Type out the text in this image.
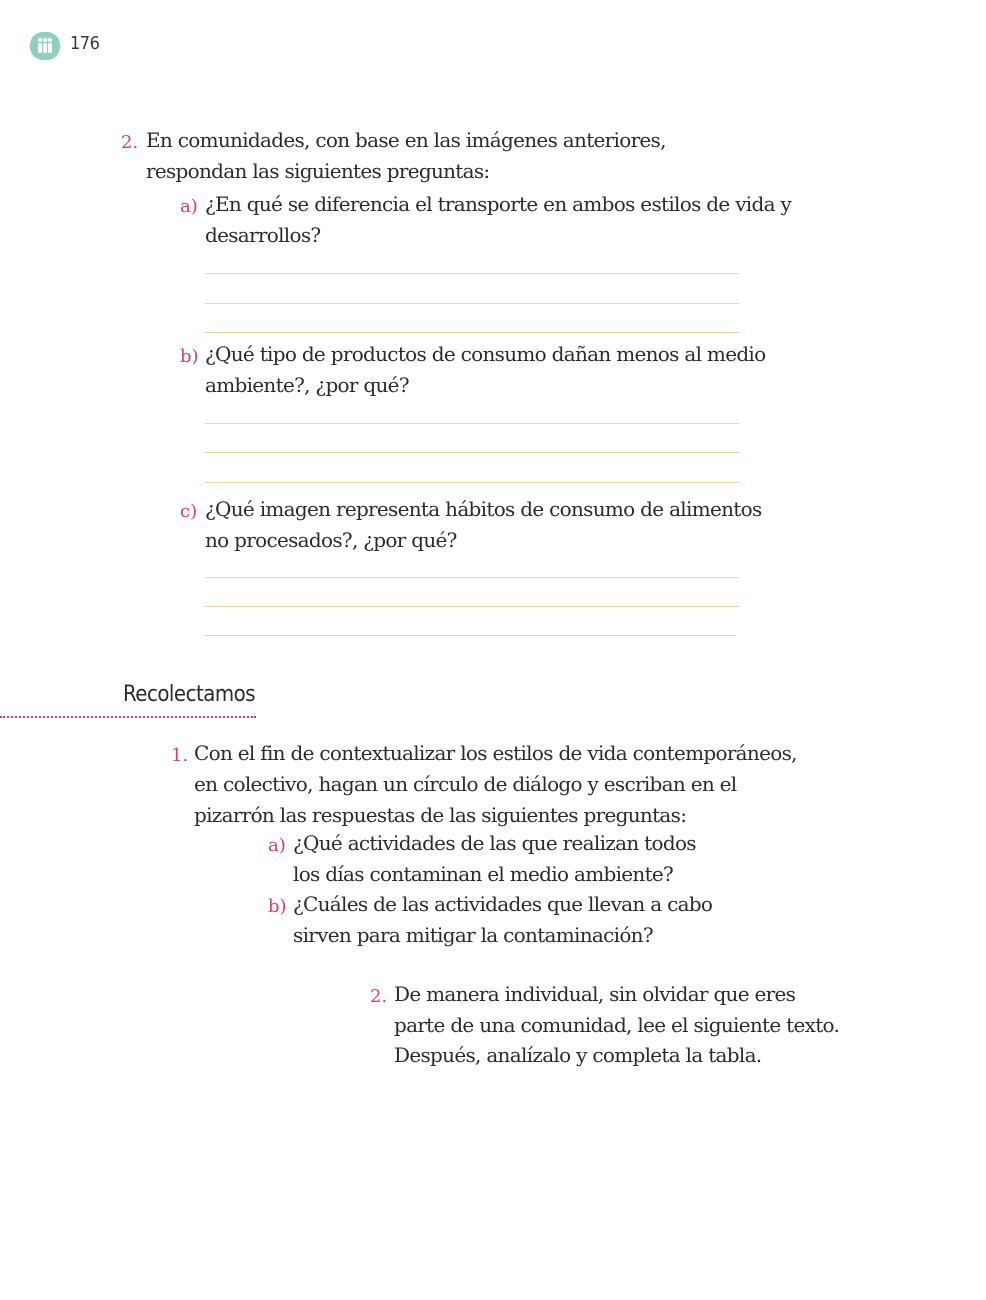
176
2. En comunidades, con base en las imágenes anteriores,
respondan las siguientes preguntas:
a) ¿En qué se diferencia el transporte en ambos estilos de vida y
desarrollos?
b) ¿Qué tipo de productos de consumo dañan menos al medio
ambiente?, ¿por qué?
c) ¿Qué imagen representa hábitos de consumo de alimentos
no procesados?, ¿por qué?
Recolectamos
1. Con el fin de contextualizar los estilos de vida contemporáneos,
en colectivo, hagan un círculo de diálogo y escriban en el
pizarrón las respuestas de las siguientes preguntas:
a) ¿Qué actividades de las que realizan todos
los días contaminan el medio ambiente?
b) ¿Cuáles de las actividades que llevan a cabo
sirven para mitigar la contaminación?
2. De manera individual, sin olvidar que eres
parte de una comunidad, lee el siguiente texto.
Después, analízalo y completa la tabla.
